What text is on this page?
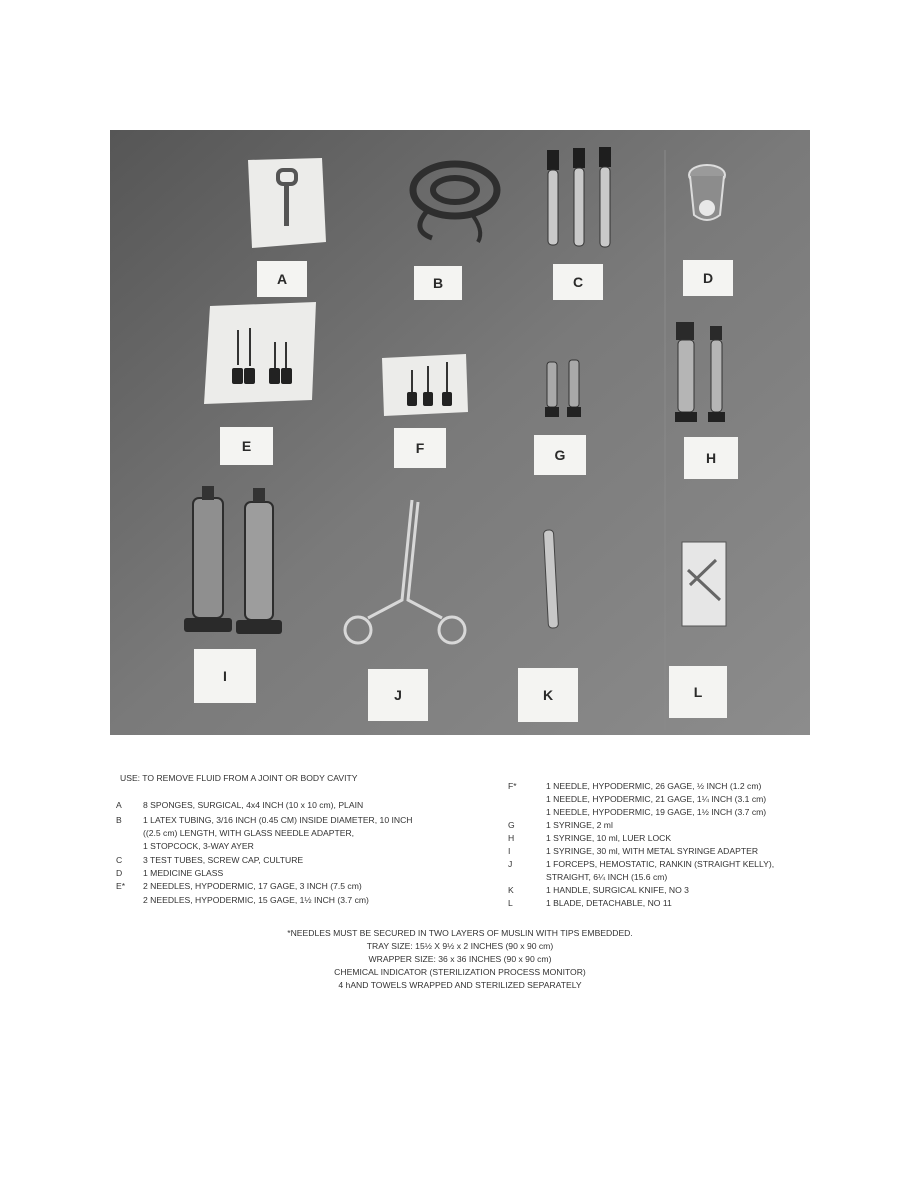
A	B	C	D
E	F	G	H
I
J	K	L
USE: TO REMOVE FLUID FROM A JOINT OR BODY CAVITY
A	8 SPONGES, SURGICAL, 4x4 INCH (10 x 10 cm), PLAIN
B	1 LATEX TUBING, 3/16 INCH (0.45 CM) INSIDE DIAMETER, 10 INCH
((2.5 cm) LENGTH, WITH GLASS NEEDLE ADAPTER,
1 STOPCOCK, 3-WAY AYER
C	3 TEST TUBES, SCREW CAP, CULTURE
D	1 MEDICINE GLASS
E*	2 NEEDLES, HYPODERMIC, 17 GAGE, 3 INCH (7.5 cm)
2 NEEDLES, HYPODERMIC, 15 GAGE, 1½ INCH (3.7 cm)
F*	1 NEEDLE, HYPODERMIC, 26 GAGE, ½ INCH (1.2 cm)
1 NEEDLE, HYPODERMIC, 21 GAGE, 1¼ INCH (3.1 cm)
1 NEEDLE, HYPODERMIC, 19 GAGE, 1½ INCH (3.7 cm)
G	1 SYRINGE, 2 ml
H	1 SYRINGE, 10 ml, LUER LOCK
I	1 SYRINGE, 30 ml, WITH METAL SYRINGE ADAPTER
J	1 FORCEPS, HEMOSTATIC, RANKIN (STRAIGHT KELLY),
STRAIGHT, 6¼ INCH (15.6 cm)
K	1 HANDLE, SURGICAL KNIFE, NO 3
L	1 BLADE, DETACHABLE, NO 11
*NEEDLES MUST BE SECURED IN TWO LAYERS OF MUSLIN WITH TIPS EMBEDDED.
TRAY SIZE: 15½ X 9½ x 2 INCHES (90 x 90 cm)
WRAPPER SIZE: 36 x 36 INCHES (90 x 90 cm)
CHEMICAL INDICATOR (STERILIZATION PROCESS MONITOR)
4 hAND TOWELS WRAPPED AND STERILIZED SEPARATELY
